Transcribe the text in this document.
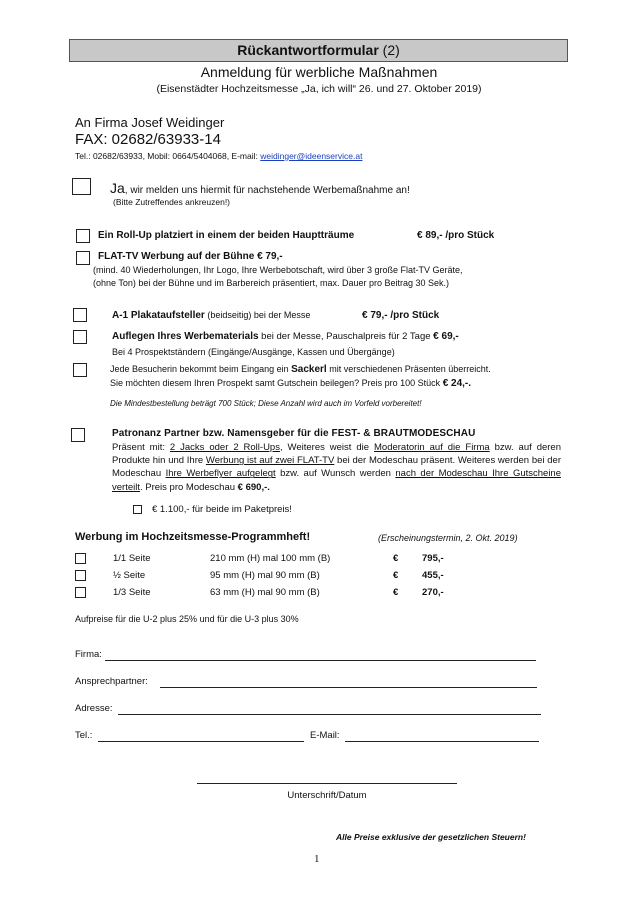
Rückantwortformular (2)
Anmeldung für werbliche Maßnahmen
(Eisenstädter Hochzeitsmesse „Ja, ich will“ 26. und 27. Oktober 2019)
An Firma Josef Weidinger
FAX: 02682/63933-14
Tel.: 02682/63933, Mobil: 0664/5404068, E-mail: weidinger@ideenservice.at
Ja, wir melden uns hiermit für nachstehende Werbemaßnahme an!
(Bitte Zutreffendes ankreuzen!)
Ein Roll-Up platziert in einem der beiden Hauptträume	€ 89,- /pro Stück
FLAT-TV Werbung auf der Bühne € 79,-
(mind. 40 Wiederholungen, Ihr Logo, Ihre Werbebotschaft, wird über 3 große Flat-TV Geräte,
(ohne Ton) bei der Bühne und im Barbereich präsentiert, max. Dauer pro Beitrag 30 Sek.)
A-1 Plakataufsteller (beidseitig) bei der Messe	€ 79,- /pro Stück
Auflegen Ihres Werbematerials bei der Messe, Pauschalpreis für 2 Tage € 69,-
Bei 4 Prospektständern (Eingänge/Ausgänge, Kassen und Übergänge)
Jede Besucherin bekommt beim Eingang ein Sackerl mit verschiedenen Präsenten überreicht.
Sie möchten diesem Ihren Prospekt samt Gutschein beilegen? Preis pro 100 Stück € 24,-.
Die Mindestbestellung beträgt 700 Stück; Diese Anzahl wird auch im Vorfeld vorbereitet!
Patronanz Partner bzw. Namensgeber für die FEST- & BRAUTMODESCHAU
Präsent mit: 2 Jacks oder 2 Roll-Ups, Weiteres weist die Moderatorin auf die Firma bzw. auf deren Produkte hin und Ihre Werbung ist auf zwei FLAT-TV bei der Modeschau präsent. Weiteres werden bei der Modeschau Ihre Werbeflyer aufgelegt bzw. auf Wunsch werden nach der Modeschau Ihre Gutscheine verteilt. Preis pro Modeschau € 690,-.
€ 1.100,- für beide im Paketpreis!
Werbung im Hochzeitsmesse-Programmheft!	(Erscheinungstermin, 2. Okt. 2019)
1/1 Seite	210 mm (H) mal 100 mm (B)	€ 795,-
½ Seite	95 mm (H) mal 90 mm (B)	€ 455,-
1/3 Seite	63 mm (H) mal 90 mm (B)	€ 270,-
Aufpreise für die U-2 plus 25% und für die U-3 plus 30%
Firma:
Ansprechpartner:
Adresse:
Tel.:	E-Mail:
Unterschrift/Datum
Alle Preise exklusive der gesetzlichen Steuern!
1
